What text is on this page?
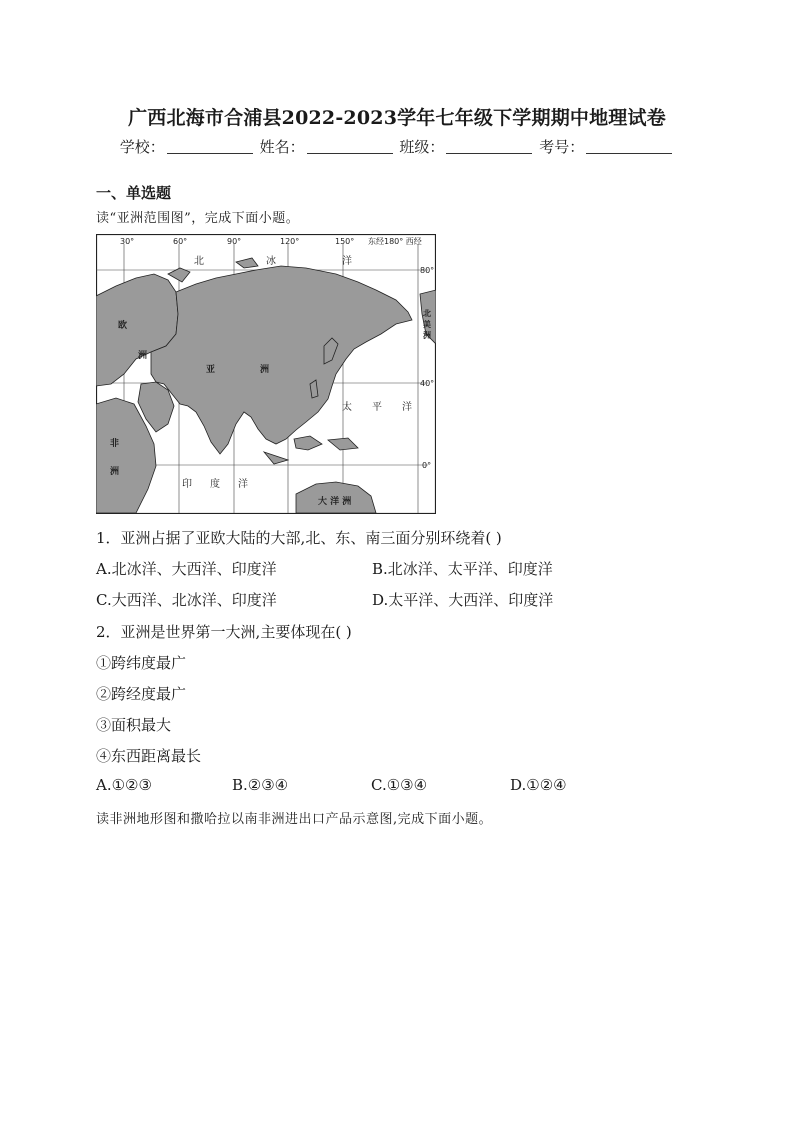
广西北海市合浦县2022-2023学年七年级下学期期中地理试卷
学校：	姓名：	班级：	考号：
一、单选题
读“亚洲范围图”，完成下面小题。
30°	60°	90°	120°	150° 东经180° 西经
80°
40°
0°
北	冰	洋
欧
洲
亚	洲
非
洲
太 平 洋
印 度 洋
大 洋 洲
北
美
洲
1．亚洲占据了亚欧大陆的大部,北、东、南三面分别环绕着( )
A.北冰洋、大西洋、印度洋	B.北冰洋、太平洋、印度洋
C.大西洋、北冰洋、印度洋	D.太平洋、大西洋、印度洋
2．亚洲是世界第一大洲,主要体现在( )
①跨纬度最广
②跨经度最广
③面积最大
④东西距离最长
A.①②③	B.②③④	C.①③④	D.①②④
读非洲地形图和撒哈拉以南非洲进出口产品示意图,完成下面小题。
